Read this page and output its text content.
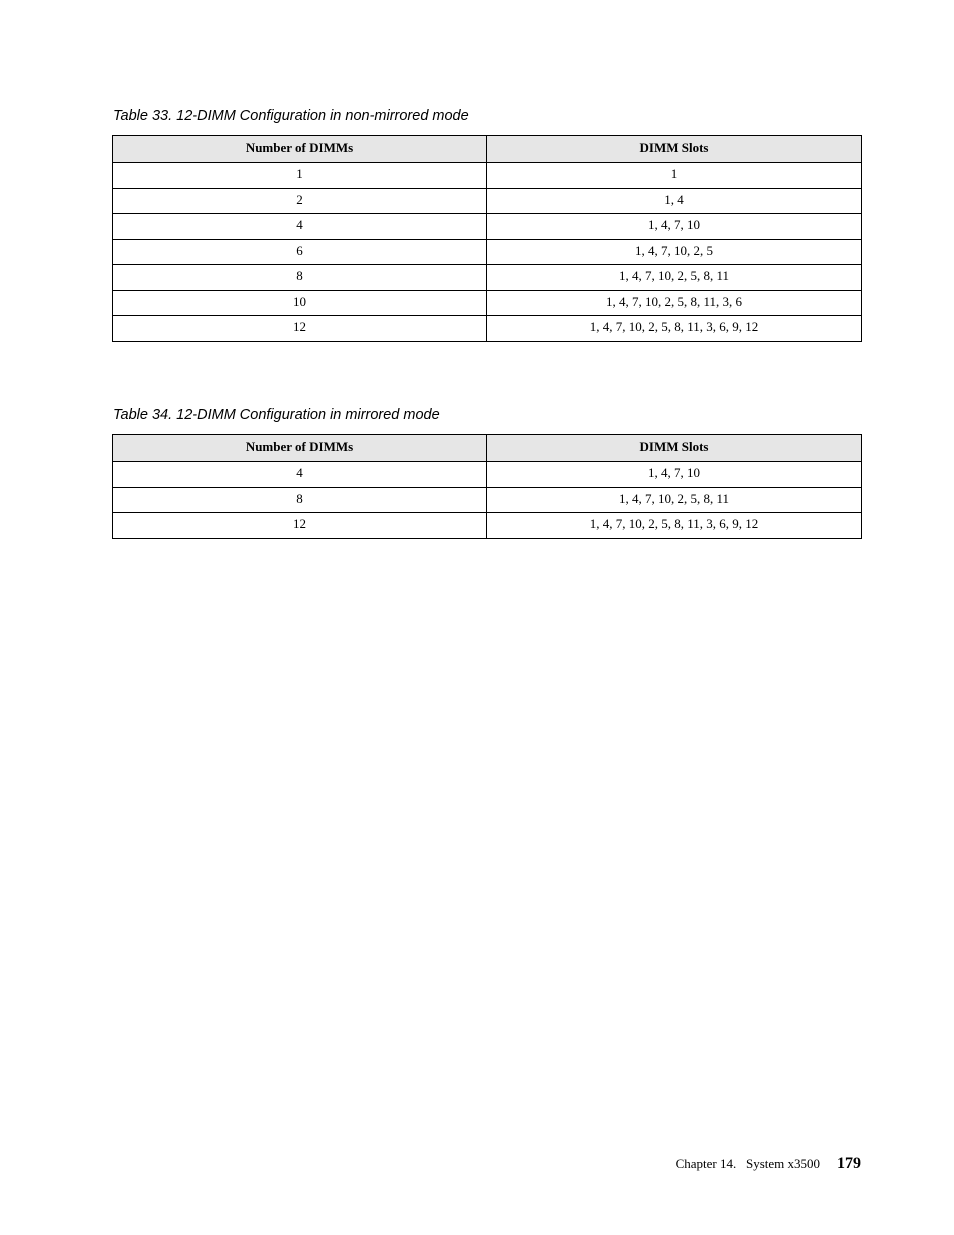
Table 33. 12-DIMM Configuration in non-mirrored mode
Number of DIMMs	DIMM Slots
1	1
2	1, 4
4	1, 4, 7, 10
6	1, 4, 7, 10, 2, 5
8	1, 4, 7, 10, 2, 5, 8, 11
10	1, 4, 7, 10, 2, 5, 8, 11, 3, 6
12	1, 4, 7, 10, 2, 5, 8, 11, 3, 6, 9, 12
Table 34. 12-DIMM Configuration in mirrored mode
Number of DIMMs	DIMM Slots
4	1, 4, 7, 10
8	1, 4, 7, 10, 2, 5, 8, 11
12	1, 4, 7, 10, 2, 5, 8, 11, 3, 6, 9, 12
Chapter 14.   System x3500 179
